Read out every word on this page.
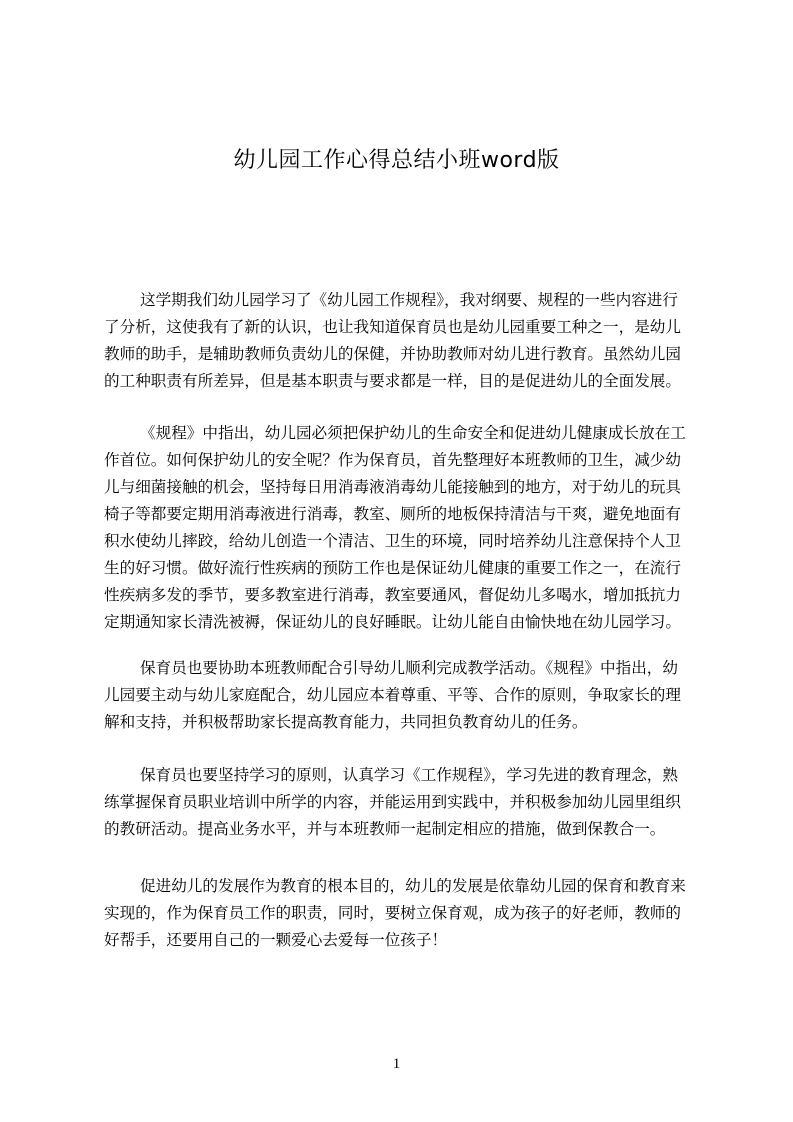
幼儿园工作心得总结小班word版
这学期我们幼儿园学习了《幼儿园工作规程》，我对纲要、规程的一些内容进行
了分析，这使我有了新的认识，也让我知道保育员也是幼儿园重要工种之一，是幼儿
教师的助手，是辅助教师负责幼儿的保健，并协助教师对幼儿进行教育。虽然幼儿园
的工种职责有所差异，但是基本职责与要求都是一样，目的是促进幼儿的全面发展。
《规程》中指出，幼儿园必须把保护幼儿的生命安全和促进幼儿健康成长放在工
作首位。如何保护幼儿的安全呢？作为保育员，首先整理好本班教师的卫生，减少幼
儿与细菌接触的机会，坚持每日用消毒液消毒幼儿能接触到的地方，对于幼儿的玩具
椅子等都要定期用消毒液进行消毒，教室、厕所的地板保持清洁与干爽，避免地面有
积水使幼儿摔跤，给幼儿创造一个清洁、卫生的环境，同时培养幼儿注意保持个人卫
生的好习惯。做好流行性疾病的预防工作也是保证幼儿健康的重要工作之一，在流行
性疾病多发的季节，要多教室进行消毒，教室要通风，督促幼儿多喝水，增加抵抗力
定期通知家长清洗被褥，保证幼儿的良好睡眠。让幼儿能自由愉快地在幼儿园学习。
保育员也要协助本班教师配合引导幼儿顺利完成教学活动。《规程》中指出，幼
儿园要主动与幼儿家庭配合，幼儿园应本着尊重、平等、合作的原则，争取家长的理
解和支持，并积极帮助家长提高教育能力，共同担负教育幼儿的任务。
保育员也要坚持学习的原则，认真学习《工作规程》，学习先进的教育理念，熟
练掌握保育员职业培训中所学的内容，并能运用到实践中，并积极参加幼儿园里组织
的教研活动。提高业务水平，并与本班教师一起制定相应的措施，做到保教合一。
促进幼儿的发展作为教育的根本目的，幼儿的发展是依靠幼儿园的保育和教育来
实现的，作为保育员工作的职责，同时，要树立保育观，成为孩子的好老师，教师的
好帮手，还要用自己的一颗爱心去爱每一位孩子！
1
